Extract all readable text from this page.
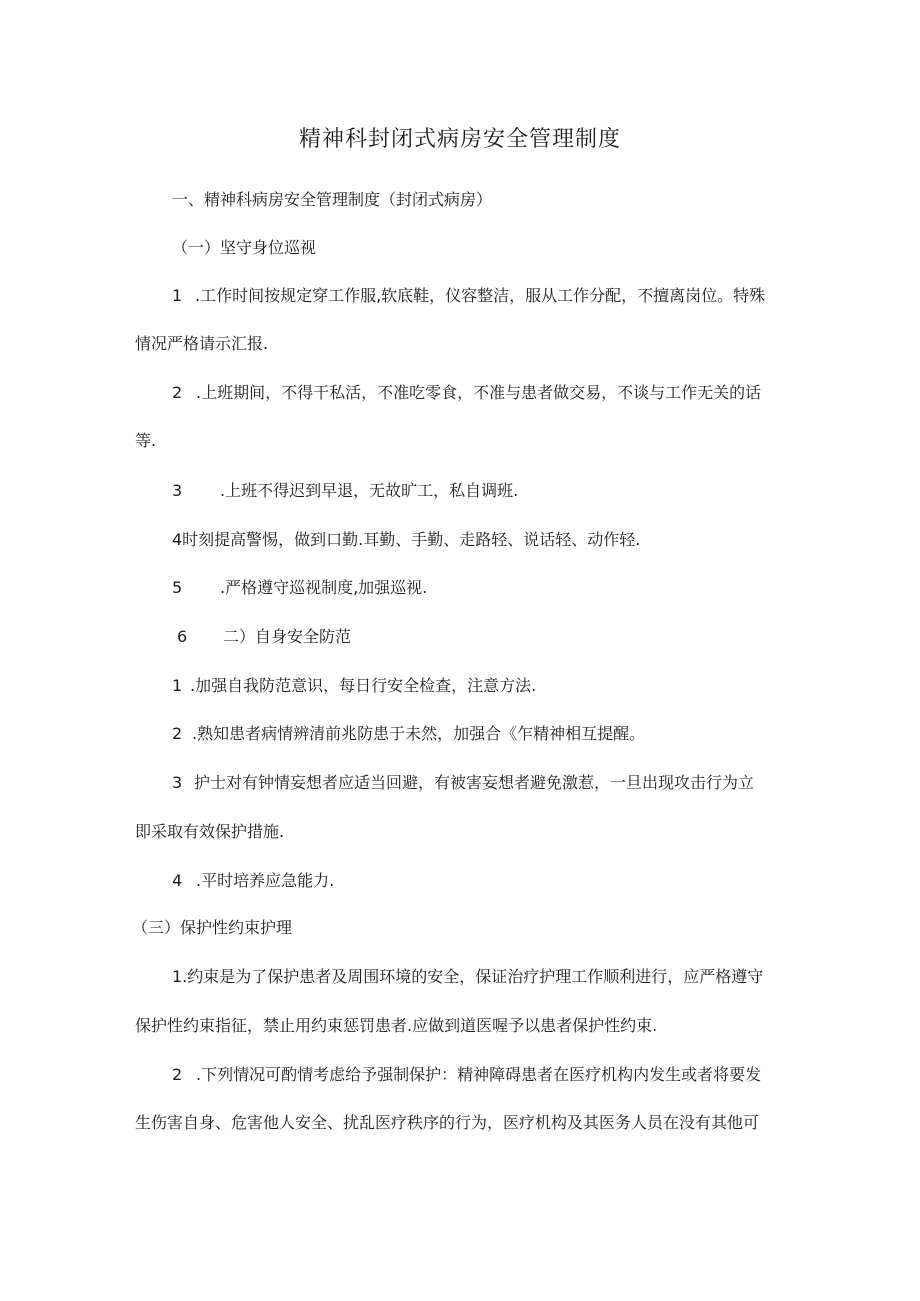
精神科封闭式病房安全管理制度
一、精神科病房安全管理制度（封闭式病房）
（一）坚守身位巡视
1 .工作时间按规定穿工作服,软底鞋，仪容整洁，服从工作分配，不擅离岗位。特殊
情况严格请示汇报.
2 .上班期间，不得干私活，不准吃零食，不准与患者做交易，不谈与工作无关的话
等.
3 .上班不得迟到早退，无故旷工，私自调班.
4时刻提高警惕，做到口勤.耳勤、手勤、走路轻、说话轻、动作轻.
5 .严格遵守巡视制度,加强巡视.
6 二）自身安全防范
1 .加强自我防范意识，每日行安全检查，注意方法.
2 .熟知患者病情辨清前兆防患于未然，加强合《乍精神相互提醒。
3 护士对有钟情妄想者应适当回避，有被害妄想者避免激惹，一旦出现攻击行为立
即采取有效保护措施.
4 .平时培养应急能力.
（三）保护性约束护理
1.约束是为了保护患者及周围环境的安全，保证治疗护理工作顺利进行，应严格遵守
保护性约束指征，禁止用约束惩罚患者.应做到道医喔予以患者保护性约束.
2 .下列情况可酌情考虑给予强制保护：精神障碍患者在医疗机构内发生或者将要发
生伤害自身、危害他人安全、扰乱医疗秩序的行为，医疗机构及其医务人员在没有其他可
